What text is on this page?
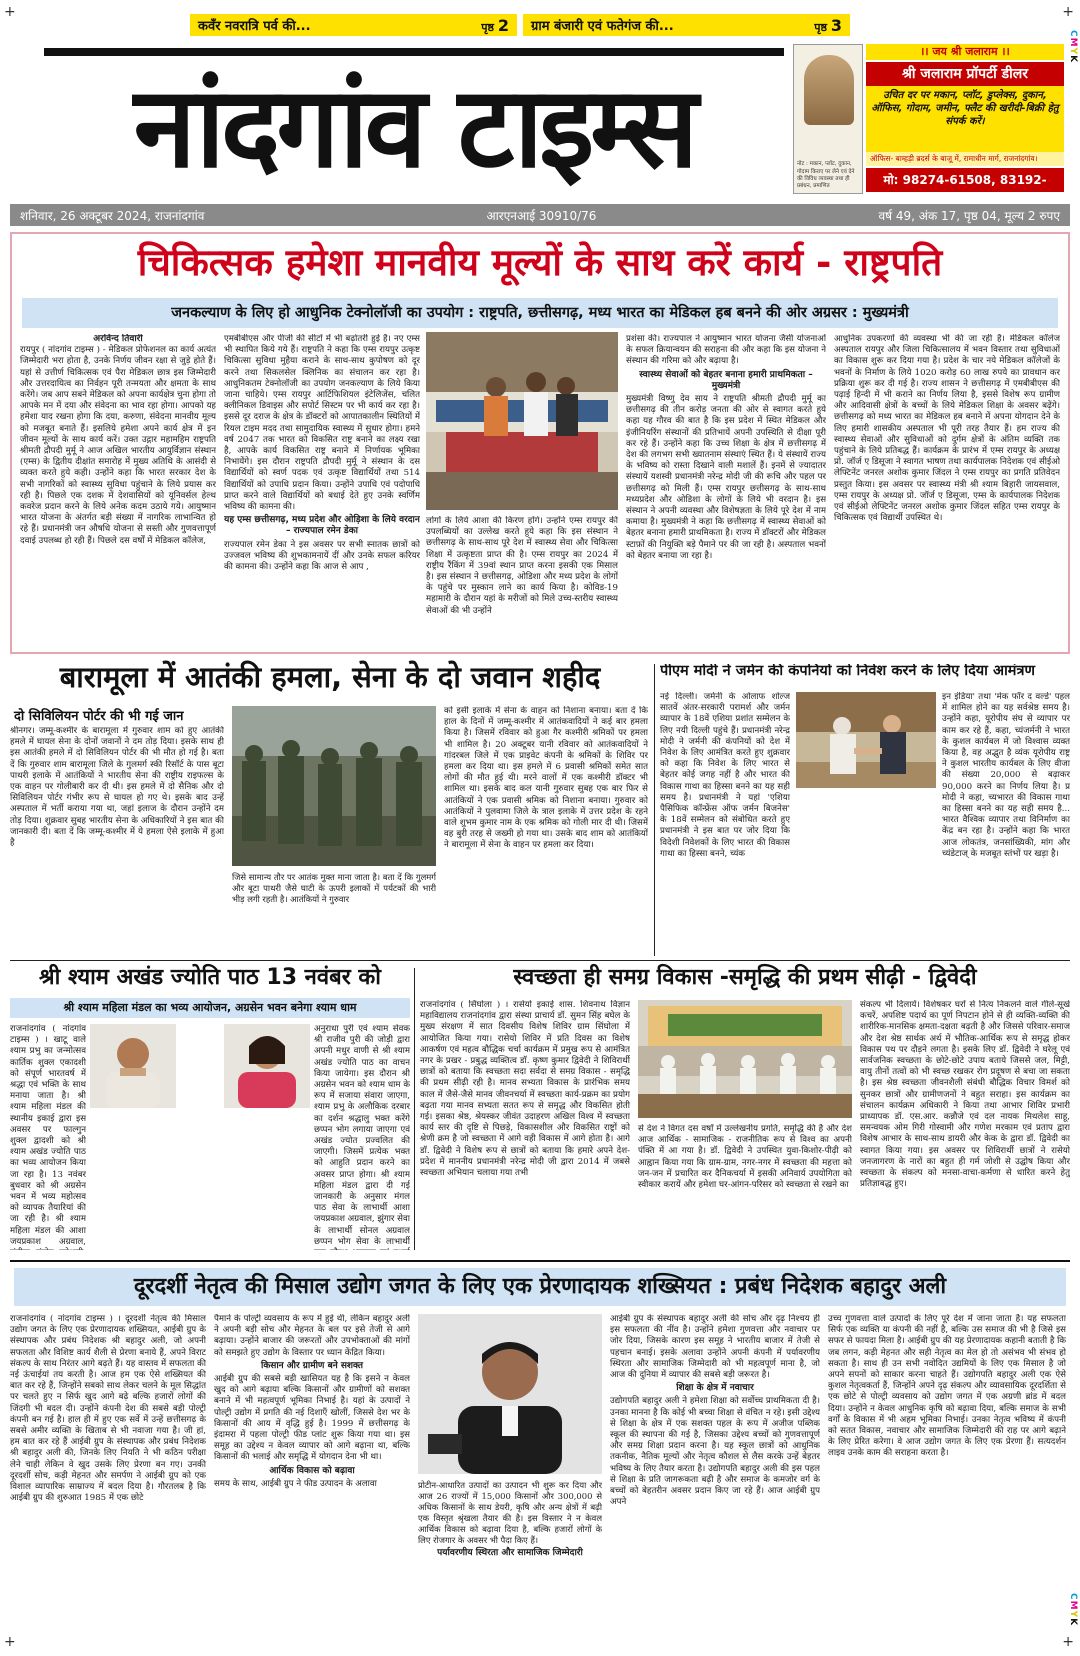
+	+
+	+
CMYK
CMYK
कवँर नवरात्रि पर्व की...	पृष्ठ 2 ग्राम बंजारी एवं फतेगंज की...	पृष्ठ 3
नांदगांव टाइम्स	नोट : मकान, प्लॉट, दुकान, गोदाम किराए पर लेने एवं देने की विविध व्यवस्था तथा ही प्रबंधन, प्रमाणित
।। जय श्री जलाराम ।।
श्री जलाराम प्रॉपर्टी डीलर
उचित दर पर मकान, प्लॉट, डुप्लेक्स, दुकान, ऑफिस, गोदाम, जमीन, फ्लैट की खरीदी-बिक्री हेतु संपर्क करें।
ऑफिस- बाम्हड़ी ब्रदर्स के बाजू में, रामाधीन मार्ग, राजनांदगांव।
मो: 98274-61508, 83192-
शनिवार, 26 अक्टूबर 2024, राजनांदगांव	आरएनआई 30910/76	वर्ष 49, अंक 17, पृष्ठ 04, मूल्य 2 रुपए
चिकित्सक हमेशा मानवीय मूल्यों के साथ करें कार्य - राष्ट्रपति
जनकल्याण के लिए हो आधुनिक टेक्नोलॉजी का उपयोग : राष्ट्रपति, छत्तीसगढ़, मध्य भारत का मेडिकल हब बनने की ओर अग्रसर : मुख्यमंत्री
अरविन्द तिवारी

रायपुर ( नांदगांव टाइम्स ) - मेडिकल प्रोफेशनल का कार्य अत्यंत जिम्मेदारी भरा होता है, उनके निर्णय जीवन रक्षा से जुड़े होते हैं। यहां से उत्तीर्ण चिकित्सक एवं पैरा मेडिकल छात्र इस जिम्मेदारी और उत्तरदायित्व का निर्वहन पूरी तन्मयता और क्षमता के साथ करेंगे। जब आप सबने मेडिकल को अपना कार्यक्षेत्र चुना होगा तो आपके मन में दया और संवेदना का भाव रहा होगा। आपको यह हमेशा याद रखना होगा कि दया, करुणा, संवेदना मानवीय मूल्य को मजबूत बनाते हैं। इसलिये हमेशा अपने कार्य क्षेत्र में इन जीवन मूल्यों के साथ कार्य करें। उक्त उद्गार महामहिम राष्ट्रपति श्रीमती द्रौपदी मुर्मू ने आज अखिल भारतीय आयुर्विज्ञान संस्थान (एम्स) के द्वितीय दीक्षांत समारोह में मुख्य अतिथि के आसंदी से व्यक्त करते हुये कही। उन्होंने कहा कि भारत सरकार देश के सभी नागरिकों को स्वास्थ्य सुविधा पहुंचाने के लिये प्रयास कर रही है। पिछले एक दशक में देशवासियों को यूनिवर्सल हेल्थ कवरेज प्रदान करने के लिये अनेक कदम उठाये गये। आयुष्मान भारत योजना के अंतर्गत बड़ी संख्या में नागरिक लाभान्वित हो रहे हैं। प्रधानमंत्री जन औषधि योजना से सस्ती और गुणवत्तापूर्ण दवाई उपलब्ध हो रही हैं। पिछले दस वर्षों में मेडिकल कॉलेज,

एमबीबीएस और पीजी की सीटों में भी बढ़ोतरी हुई है। नए एम्स भी स्थापित किये गये हैं। राष्ट्रपति ने कहा कि एम्स रायपुर उत्कृष्ट चिकित्सा सुविधा मुहैया कराने के साथ-साथ कुपोषण को दूर करने तथा सिकलसेल क्लिनिक का संचालन कर रहा है। आधुनिकतम टेक्नोलॉजी का उपयोग जनकल्याण के लिये किया जाना चाहिये। एम्स रायपुर आर्टिफिशियल इंटेलिजेंस, चलित क्लीनिकल डिवाइस और सपोर्ट सिस्टम पर भी कार्य कर रहा है। इससे दूर दराज के क्षेत्र के डॉक्टरों को आपातकालीन स्थितियों में रियल टाइम मदद तथा सामुदायिक स्वास्थ्य में सुधार होगा। हमने वर्ष 2047 तक भारत को विकसित राष्ट्र बनाने का लक्ष्य रखा है, आपके कार्य विकसित राष्ट्र बनाने में निर्णायक भूमिका निभायेंगे। इस दौरान राष्ट्रपति द्रौपदी मुर्मू ने संस्थान के दस विद्यार्थियों को स्वर्ण पदक एवं उत्कृष्ट विद्यार्थियों तथा 514 विद्यार्थियों को उपाधि प्रदान किया। उन्होंने उपाधि एवं पदोपाधि प्राप्त करने वाले विद्यार्थियों को बधाई देते हुए उनके स्वर्णिम भविष्य की कामना की।

यह एम्स छत्तीसगढ़, मध्य प्रदेश और ओड़िशा के लिये वरदान – राज्यपाल रमेन डेका

राज्यपाल रमेन डेका ने इस अवसर पर सभी स्नातक छात्रों को उज्जवल भविष्य की शुभकामनायें दीं और उनके सफल करियर की कामना की। उन्होंने कहा कि आज से आप ,

लोगों के लिये आशा की किरण होंगे। उन्होंने एम्स रायपुर की उपलब्धियों का उल्लेख करते हुये कहा कि इस संस्थान ने छत्तीसगढ़ के साथ-साथ पूरे देश में स्वास्थ्य सेवा और चिकित्सा शिक्षा में उत्कृष्टता प्राप्त की है। एम्स रायपुर का 2024 में राष्ट्रीय रैंकिंग में 39वां स्थान प्राप्त करना इसकी एक मिसाल है। इस संस्थान ने छत्तीसगढ़, ओडिशा और मध्य प्रदेश के लोगों के पहुंचे पर मुस्कान लाने का कार्य किया है। कोविड-19 महामारी के दौरान यहां के मरीजों को मिले उच्च-स्तरीय स्वास्थ्य सेवाओं की भी उन्होंने

प्रशंसा की। राज्यपाल ने आयुष्मान भारत योजना जैसी योजनाओं के सफल क्रियान्वयन की सराहना की और कहा कि इस योजना ने संस्थान की गरिमा को और बढ़ाया है।

स्वास्थ्य सेवाओं को बेहतर बनाना हमारी प्राथमिकता – मुख्यमंत्री

मुख्यमंत्री विष्णु देव साय ने राष्ट्रपति श्रीमती द्रौपदी मुर्मू का छत्तीसगढ़ की तीन करोड़ जनता की ओर से स्वागत करते हुये कहा यह गौरव की बात है कि इस प्रदेश में स्थित मेडिकल और इंजीनियरिंग संस्थानों की प्रतिभायें अपनी उपस्थिति से दीक्षा पूरी कर रहे हैं। उन्होंने कहा कि उच्च शिक्षा के क्षेत्र में छत्तीसगढ़ में देश की लगभग सभी ख्यातनाम संस्थाएं स्थित हैं। ये संस्थायें राज्य के भविष्य को रास्ता दिखाने वाली मशालें हैं। इनमें से ज्यादातर संस्थायें यशस्वी प्रधानमंत्री नरेन्द्र मोदी जी की रूचि और पहल पर छत्तीसगढ़ को मिली हैं। एम्स रायपुर छत्तीसगढ़ के साथ-साथ मध्यप्रदेश और ओडिशा के लोगों के लिये भी वरदान है। इस संस्थान ने अपनी व्यवस्था और विशेषज्ञता के लिये पूरे देश में नाम कमाया है। मुख्यमंत्री ने कहा कि छत्तीसगढ़ में स्वास्थ्य सेवाओं को बेहतर बनाना हमारी प्राथमिकता है। राज्य में डॉक्टरों और मेडिकल स्टाफ़ों की नियुक्ति बड़े पैमाने पर की जा रही है। अस्पताल भवनों को बेहतर बनाया जा रहा है।

आधुनिक उपकरणों की व्यवस्था भी की जा रही है। मेडिकल कॉलेज अस्पताल रायपुर और जिला चिकित्सालय में भवन विस्तार तथा सुविधाओं का विकास शुरू कर दिया गया है। प्रदेश के चार नये मेडिकल कॉलेजों के भवनों के निर्माण के लिये 1020 करोड़ 60 लाख रुपये का प्रावधान कर प्रक्रिया शुरू कर दी गई है। राज्य शासन ने छत्तीसगढ़ में एमबीबीएस की पढ़ाई हिन्दी में भी कराने का निर्णय लिया है, इससे विशेष रूप ग्रामीण और आदिवासी क्षेत्रों के बच्चों के लिये मेडिकल शिक्षा के अवसर बढ़ेंगे। छत्तीसगढ़ को मध्य भारत का मेडिकल हब बनाने में अपना योगदान देने के लिए हमारी शासकीय अस्पताल भी पूरी तरह तैयार हैं। हम राज्य की स्वास्थ्य सेवाओं और सुविधाओं को दुर्गम क्षेत्रों के अंतिम व्यक्ति तक पहुंचाने के लिये प्रतिबद्ध हैं। कार्यक्रम के प्रारंभ में एम्स रायपुर के अध्यक्ष प्रो. जॉर्ज ए डिसूजा ने स्वागत भाषण तथा कार्यपालक निदेशक एवं सीईओ लेफ्टिनेंट जनरल अशोक कुमार जिंदल ने एम्स रायपुर का प्रगति प्रतिवेदन प्रस्तुत किया। इस अवसर पर स्वास्थ्य मंत्री श्री श्याम बिहारी जायसवाल, एम्स रायपुर के अध्यक्ष प्रो. जॉर्ज ए डिसूजा, एम्स के कार्यपालक निदेशक एवं सीईओ लेफ्टिनेंट जनरल अशोक कुमार जिंदल सहित एम्स रायपुर के चिकित्सक एवं विद्यार्थी उपस्थित थे।

बारामूला में आतंकी हमला, सेना के दो जवान शहीद
दो सिविलियन पोर्टर की भी गई जान

श्रीनगर। जम्मू-कश्मीर के बारामूला में गुरुवार शाम को हुए आतंकी हमले में घायल सेना के दोनों जवानों ने दम तोड़ दिया। इसके साथ ही इस आतंकी हमले में दो सिविलियन पोर्टर की भी मौत हो गई है। बता दें कि गुरुवार शाम बारामूला जिले के गुलमर्ग स्की रिसॉर्ट के पास बूटा पाथरी इलाके में आतंकियों ने भारतीय सेना की राष्ट्रीय राइफल्स के एक वाहन पर गोलीबारी कर दी थी। इस हमले में दो सैनिक और दो सिविलियन पोर्टर गंभीर रूप से घायल हो गए थे। इसके बाद उन्हें अस्पताल में भर्ती कराया गया था, जहां इलाज के दौरान उन्होंने दम तोड़ दिया। शुक्रवार सुबह भारतीय सेना के अधिकारियों ने इस बात की जानकारी दी। बता दें कि जम्मू-कश्मीर में ये हमला ऐसे इलाके में हुआ है

जिसे सामान्य तौर पर आतंक मुक्त माना जाता है। बता दें कि गुलमर्ग और बूटा पाथरी जैसे घाटी के ऊपरी इलाकों में पर्यटकों की भारी भीड़ लगी रहती है। आतंकियों ने गुरुवार

को इसी इलाके में सेना के वाहन को निशाना बनाया। बता दें कि हाल के दिनों में जम्मू-कश्मीर में आतंकवादियों ने कई बार हमला किया है। जिसमें रविवार को हुआ गैर कश्मीरी श्रमिकों पर हमला भी शामिल है। 20 अक्टूबर यानी रविवार को आतंकवादियों ने गांदरबल जिले में एक प्राइवेट कंपनी के श्रमिकों के शिविर पर हमला कर दिया था। इस हमले में 6 प्रवासी श्रमिकों समेत सात लोगों की मौत हुई थी। मरने वालों में एक कश्मीरी डॉक्टर भी शामिल था। इसके बाद कल यानी गुरुवार सुबह एक बार फिर से आतंकियों ने एक प्रवासी श्रमिक को निशाना बनाया। गुरुवार को आतंकियों ने पुलवामा जिले के त्राल इलाके में उत्तर प्रदेश के रहने वाले शुभम कुमार नाम के एक श्रमिक को गोली मार दी थी। जिसमें वह बुरी तरह से जख्मी हो गया था। उसके बाद शाम को आतंकियों ने बारामूला में सेना के वाहन पर हमला कर दिया।

पीएम मोदी ने जर्मन की कंपनियों को निवेश करने के लिए दिया आमंत्रण

नई दिल्ली। जर्मनी के ओलाफ शोल्ज सातवें अंतर-सरकारी परामर्श और जर्मन व्यापार के 18वें एशिया प्रशांत सम्मेलन के लिए नयी दिल्ली पहुंचे हैं। प्रधानमंत्री नरेन्द्र मोदी ने जर्मनी की कंपनियों को देश में निवेश के लिए आमंत्रित करते हुए शुक्रवार को कहा कि निवेश के लिए भारत से बेहतर कोई जगह नहीं है और भारत की विकास गाथा का हिस्सा बनने का यह सही समय है। प्रधानमंत्री ने यहां 'एशिया पैसिफिक कॉन्फ्रेंस ऑफ जर्मन बिजनेस' के 18वें सम्मेलन को संबोधित करते हुए प्रधानमंत्री ने इस बात पर जोर दिया कि विदेशी निवेशकों के लिए भारत की विकास गाथा का हिस्सा बनने, च्यंक

इन इंडिया' तथा 'मेक फॉर द वर्ल्ड' पहल में शामिल होने का यह सर्वश्रेष्ठ समय है। उन्होंने कहा, यूरोपीय संघ से व्यापार पर काम कर रहे हैं, कहा, च्यंजर्मनी ने भारत के कुशल कार्यबल में जो विश्वास व्यक्त किया है, वह अद्भुत है व्यंक यूरोपीय राष्ट्र ने कुशल भारतीय कार्यबल के लिए वीजा की संख्या 20,000 से बढ़ाकर 90,000 करने का निर्णय लिया है। प्र मोदी ने कहा, च्यभारत की विकास गाथा का हिस्सा बनने का यह सही समय है... भारत वैश्विक व्यापार तथा विनिर्माण का केंद्र बन रहा है। उन्होंने कहा कि भारत आज लोकतंत्र, जनसांख्यिकी, मांग और च्यंडेटाज् के मजबूत स्तंभों पर खड़ा है।

श्री श्याम अखंड ज्योति पाठ 13 नवंबर को
श्री श्याम महिला मंडल का भव्य आयोजन, अग्रसेन भवन बनेगा श्याम धाम

राजनांदगांव ( नांदगांव टाइम्स ) । खाटू वाले श्याम प्रभु का जन्मोत्सव कार्तिक शुक्ल एकादशी को संपूर्ण भारतवर्ष में श्रद्धा एवं भक्ति के साथ मनाया जाता है। श्री श्याम महिला मंडल की स्थानीय इकाई द्वारा इस अवसर पर फाल्गुन शुक्ल द्वादशी को श्री श्याम अखंड ज्योति पाठ का भव्य आयोजन किया जा रहा है। 13 नवंबर बुधवार को श्री अग्रसेन भवन में भव्य महोत्सव को व्यापक तैयारियां की जा रही है। श्री श्याम महिला मंडल की आशा जयप्रकाश अग्रवाल,

अनुराधा पुरी एवं श्याम सेवक श्री राजीव पुरी की जोड़ी द्वारा अपनी मधुर वाणी से श्री श्याम अखंड ज्योति पाठ का वाचन किया जायेगा। इस दौरान श्री अग्रसेन भवन को श्याम धाम के रूप में सजाया संवारा जाएगा, श्याम प्रभु के अलौकिक दरबार का दर्शन श्रद्धालु भक्त करेंगे छप्पन भोग लगाया जाएगा एवं अखंड ज्योत प्रज्वलित की जाएगी। जिसमें प्रत्येक भक्त को आहुति प्रदान करने का अवसर प्राप्त होगा। श्री श्याम महिला मंडल द्वारा दी गई जानकारी के अनुसार मंगल पाठ सेवा के लाभार्थी आशा जयप्रकाश अग्रवाल, झुंगार सेवा के लाभार्थी सोनल अग्रवाल छप्पन भोग सेवा के लाभार्थी

स्वच्छता ही समग्र विकास -समृद्धि की प्रथम सीढ़ी - द्विवेदी

राजनांदगांव ( सिंघोला ) । रासेयो इकाई शास. शिवनाथ विज्ञान महाविद्यालय राजनांदगांव द्वारा संस्था प्राचार्य डॉ. सुमन सिंह बघेल के मुख्य संरक्षण में सात दिवसीय विशेष शिविर ग्राम सिंघोला में आयोजित किया गया। रासेयो शिविर में प्रति दिवस का विशेष आकर्षण एवं महत्व बौद्धिक चर्चा कार्यक्रम में प्रमुख रूप से आमंत्रित नगर के प्रखर - प्रबुद्ध व्यक्तित्व डॉ. कृष्ण कुमार द्विवेदी ने शिविरार्थी छात्रों को बताया कि स्वच्छता सदा सर्वदा से समग्र विकास - समृद्धि की प्रथम सीढ़ी रही है। मानव सभ्यता विकास के प्रारंभिक समय काल में जैसे-जैसे मानव जीवनचर्या में स्वच्छता कार्य-प्रक्रम का प्रयोग बढ़ता गया मानव सभ्यता सतत रूप से समृद्ध और विकसित होती गई। इसका श्रेष्ठ, श्रेयस्कर जीवंत उदाहरण अखिल विश्व में स्वच्छता कार्य स्तर की दृष्टि से पिछड़े, विकासशील और विकसित राष्ट्रों को श्रेणी क्रम है जो स्वच्छता में आगे वही विकास में आगे होता है। आगे डॉ. द्विवेदी ने विशेष रूप से छात्रों को बताया कि हमारे अपने देश-प्रदेश में माननीय प्रधानमंत्री नरेन्द्र मोदी जी द्वारा 2014 में जबसे स्वच्छता अभियान चलाया गया तभी

से देश ने विगत दस वर्षों में उल्लेखनीय प्रगति, समृद्धि की है और देश आज आर्थिक - सामाजिक - राजनीतिक रूप से विश्व का अपनी पंक्ति में आ गया है। डॉ. द्विवेदी ने उपस्थित युवा-किशोर-पीढ़ी को आह्वान किया गया कि ग्राम-ग्राम, नगर-नगर में स्वच्छता की महत्ता को जन-जन में प्रचारित कर दैनिकचर्या में इसकी अनिवार्य उपयोगिता को स्वीकार करायें और हमेशा घर-आंगन-परिसर को स्वच्छता से रखने का

संकल्प भी दिलायें। विशेषकर घरों से नित्य निकलने वाले गीले-सूखे कचरें, अपशिष्ट पदार्थ का पूर्ण निपटान होने से ही व्यक्ति-व्यक्ति की शारीरिक-मानसिक क्षमता-दक्षता बढ़ती है और जिससे परिवार-समाज और देश श्रेष्ठ सार्थक अर्थ में भौतिक-आर्थिक रूप से समृद्ध होकर विकास पथ पर दौड़ने लगता है। इसके लिए डॉ. द्विवेदी ने घरेलू एवं सार्वजनिक स्वच्छता के छोटे-छोटे उपाय बताये जिससे जल, मिट्टी, वायु तीनों तत्वों को भी स्वच्छ रखकर रोग प्रदूषण से बचा जा सकता है। इस श्रेष्ठ स्वच्छता जीवनशैली संबंधी बौद्धिक विचार विमर्श को सुनकर छात्रों और ग्रामीणजनों ने बहुत सराहा। इस कार्यक्रम का संचालन कार्यक्रम अधिकारी ने किया तथा आभार शिविर प्रभारी प्राध्यापक डॉ. एस.आर. कन्नौजे एवं दल नायक मिथलेश साहू, समन्वयक ओम गिरी गोस्वामी और गणेश मरकाम एवं प्रताप द्वारा विशेष आभार के साथ-साथ डायरी और केक के द्वारा डॉ. द्विवेदी का स्वागत किया गया। इस अवसर पर शिविरार्थी छात्रों ने रासेयो जनजागरण के नारों का बहुत ही गर्म जोशी से उद्घोष किया और स्वच्छता के संकल्प को मनसा-वाचा-कर्मणा से धारित करने हेतु प्रतिज्ञाबद्ध हुए।

दूरदर्शी नेतृत्व की मिसाल उद्योग जगत के लिए एक प्रेरणादायक शख्सियत : प्रबंध निदेशक बहादुर अली

राजनांदगांव ( नांदगांव टाइम्स ) । दूरदर्शी नेतृत्व की मिसाल उद्योग जगत के लिए एक प्रेरणादायक शख्सियत, आईबी ग्रुप के संस्थापक और प्रबंध निदेशक श्री बहादुर अली, जो अपनी सफलता और विशिष्ट कार्य शैली से प्रेरणा बनाये हैं, अपने विराट संकल्प के साथ निरंतर आगे बढ़ते हैं। यह वास्तव में सफलता की नई ऊंचाईयां तय करती है। आज हम एक ऐसे शख्सियत की बात कर रहे हैं, जिन्होंने सबको साथ लेकर चलने के मूल सिद्धांत पर चलते हुए न सिर्फ खुद आगे बढ़े बल्कि हजारों लोगों की जिंदगी भी बदल दी। उन्होंने कंपनी देश की सबसे बड़ी पोल्ट्री कंपनी बन गई है। हाल ही में हुए एक सर्वे में उन्हें छत्तीसगढ़ के सबसे अमीर व्यक्ति के खिताब से भी नवाजा गया है। जी हां, हम बात कर रहे हैं आईबी ग्रुप के संस्थापक और प्रबंध निदेशक श्री बहादुर अली की, जिनके लिए नियति ने भी कठिन परीक्षा लेने चाही लेकिन वे खुद उसके लिए प्रेरणा बन गए। उनकी दूरदर्शी सोच, कड़ी मेहनत और समर्पण ने आईबी ग्रुप को एक विशाल व्यापारिक साम्राज्य में बदल दिया है। गौरतलब है कि आईबी ग्रुप की शुरुआत 1985 में एक छोटे

पैमाने के पोल्ट्री व्यवसाय के रूप में हुई थी, लेकिन बहादुर अली ने अपनी बड़ी सोच और मेहनत के बल पर इसे तेजी से आगे बढ़ाया। उन्होंने बाजार की जरूरतों और उपभोक्ताओं की मांगों को समझते हुए उद्योग के विस्तार पर ध्यान केंद्रित किया।

किसान और ग्रामीण बने सशक्त

आईबी ग्रुप की सबसे बड़ी खासियत यह है कि इसने न केवल खुद को आगे बढ़ाया बल्कि किसानों और ग्रामीणों को सशक्त बनाने में भी महत्वपूर्ण भूमिका निभाई है। यहां के उत्पादों ने पोल्ट्री उद्योग में प्रगति की नई दिशाएँ खोलीं, जिससे देश भर के किसानों की आय में वृद्धि हुई है। 1999 में छत्तीसगढ़ के इंदामरा में पहला पोल्ट्री फीड प्लांट शुरू किया गया था। इस समूह का उद्देश्य न केवल व्यापार को आगे बढ़ाना था, बल्कि किसानों की भलाई और समृद्धि में योगदान देना भी था।

आर्थिक विकास को बढ़ावा

समय के साथ, आईबी ग्रुप ने फीड उत्पादन के अलावा	प्रोटीन-आधारित उत्पादों का उत्पादन भी शुरू कर दिया और आज 26 राज्यों में 15,000 किसानों और 300,000 से अधिक किसानों के साथ डेयरी, कृषि और अन्य क्षेत्रों में बढ़ी एक विस्तृत श्रृंखला तैयार की है। इस विस्तार ने न केवल आर्थिक विकास को बढ़ावा दिया है, बल्कि हजारों लोगों के लिए रोजगार के अवसर भी पैदा किए हैं।
पर्यावरणीय स्थिरता और सामाजिक जिम्मेदारी

आईबी ग्रुप के संस्थापक बहादुर अली की सोच और दृढ़ निश्चय ही इस सफलता की नींव है। उन्होंने हमेशा गुणवत्ता और नवाचार पर जोर दिया, जिसके कारण इस समूह ने भारतीय बाजार में तेजी से पहचान बनाई। इसके अलावा उन्होंने अपनी कंपनी में पर्यावरणीय स्थिरता और सामाजिक जिम्मेदारी को भी महत्वपूर्ण माना है, जो आज की दुनिया में व्यापार की सबसे बड़ी जरूरत है।

शिक्षा के क्षेत्र में नवाचार

उद्योगपति बहादुर अली ने हमेशा शिक्षा को सर्वोच्च प्राथमिकता दी है। उनका मानना ​​है कि कोई भी बच्चा शिक्षा से वंचित न रहे। इसी उद्देश्य से शिक्षा के क्षेत्र में एक सशक्त पहल के रूप में अजीज पब्लिक स्कूल की स्थापना की गई है, जिसका उद्देश्य बच्चों को गुणवत्तापूर्ण और समग्र शिक्षा प्रदान करना है। यह स्कूल छात्रों को आधुनिक तकनीक, नैतिक मूल्यों और नेतृत्व कौशल से लैस करके उन्हें बेहतर भविष्य के लिए तैयार करता है। उद्योगपति बहादुर अली की इस पहल से शिक्षा के प्रति जागरूकता बढ़ी है और समाज के कमजोर वर्ग के बच्चों को बेहतरीन अवसर प्रदान किए जा रहे हैं। आज आईबी ग्रुप अपने

उच्च गुणवत्ता वाले उत्पादों के लिए पूरे देश में जाना जाता है। यह सफलता सिर्फ एक व्यक्ति या कंपनी की नहीं है, बल्कि उस समाज की भी है जिसे इस सफर से फायदा मिला है। आईबी ग्रुप की यह प्रेरणादायक कहानी बताती है कि जब लगन, कड़ी मेहनत और सही नेतृत्व का मेल हो तो असंभव भी संभव हो सकता है। साथ ही उन सभी नवोदित उद्यमियों के लिए एक मिसाल है जो अपने सपनों को साकार करना चाहते हैं। उद्योगपति बहादुर अली एक ऐसे कुशल नेतृत्वकर्ता हैं, जिन्होंने अपने दृढ़ संकल्प और व्यावसायिक दूरदर्शिता से एक छोटे से पोल्ट्री व्यवसाय को उद्योग जगत में एक अग्रणी ब्रांड में बदल दिया। उन्होंने न केवल आधुनिक कृषि को बढ़ावा दिया, बल्कि समाज के सभी वर्गों के विकास में भी अहम भूमिका निभाई। उनका नेतृत्व भविष्य में कंपनी को सतत विकास, नवाचार और सामाजिक जिम्मेदारी की राह पर आगे बढ़ाने के लिए प्रेरित करेगा। वे आज उद्योग जगत के लिए एक प्रेरणा हैं। सत्यदर्शन लाइव उनके काम की सराहना करता है।
